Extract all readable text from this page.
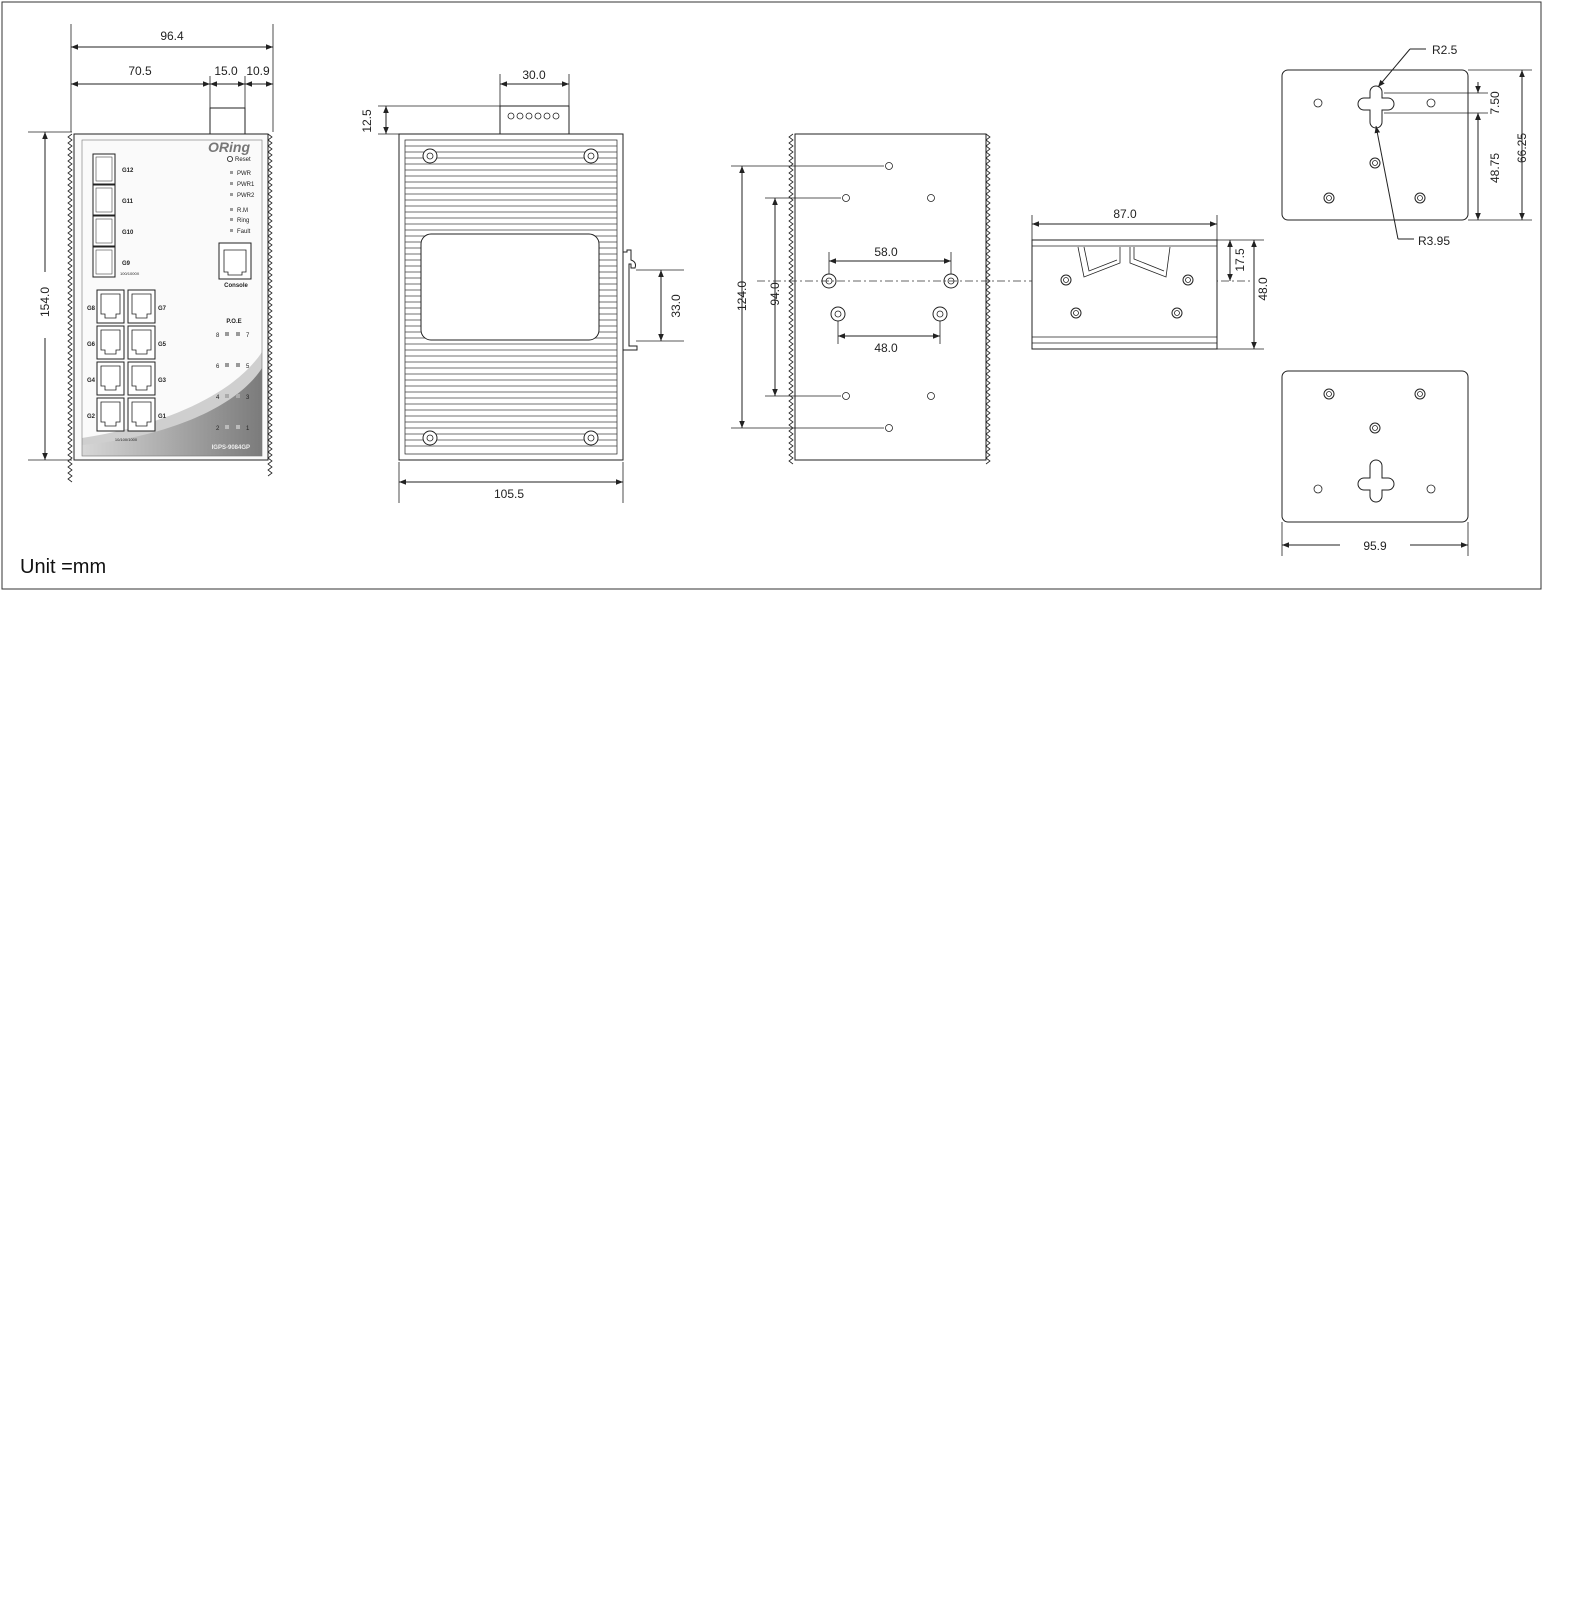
96.4
70.5	15.0 10.9
154.0
ORing
Reset
IGPS-9084GP
G12
G11
G10
G9
100/1000X
PWR
PWR1
PWR2
R.M
Ring
Fault
Console
G8
G6
G4
G2
G7
G5
G3
G1
10/100/1000
P.O.E
8	7
6	5
4	3
2	1
30.0
12.5
33.0
105.5
124.0 94.0
58.0
48.0
87.0
17.5
48.0
R2.5
R3.95
7.50
48.75
66.25
95.9
Unit =mm
